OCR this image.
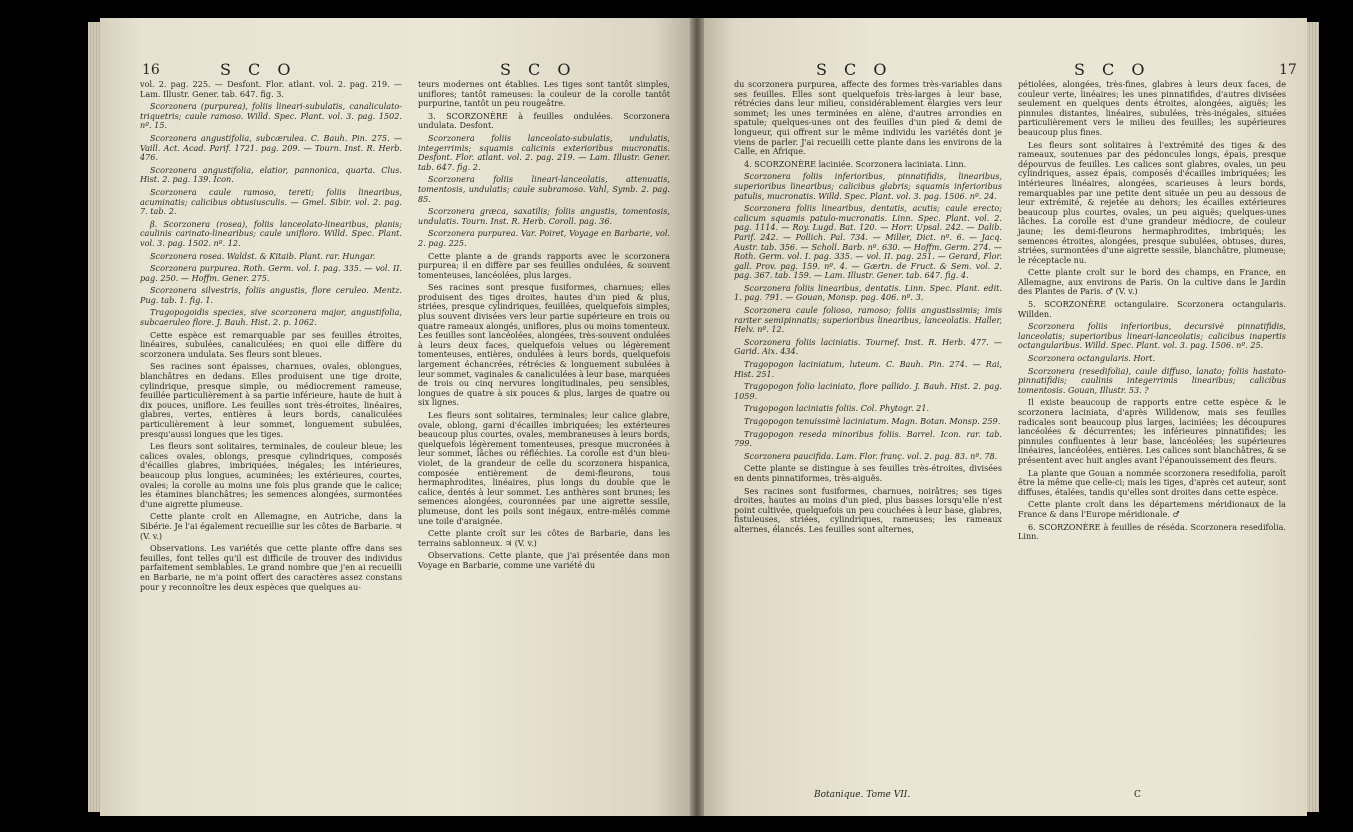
16	S C O	S C O

vol. 2. pag. 225. — Desfont. Flor. atlant. vol. 2. pag. 219. — Lam. Illustr. Gener. tab. 647. fig. 3.

Scorzonera (purpurea), foliis lineari-subulatis, canaliculato-triquetris; caule ramoso. Willd. Spec. Plant. vol. 3. pag. 1502. nº. 15.

Scorzonera angustifolia, subcærulea. C. Bauh. Pin. 275. — Vaill. Act. Acad. Parif. 1721. pag. 209. — Tourn. Inst. R. Herb. 476.

Scorzonera angustifolia, elatior, pannonica, quarta. Clus. Hist. 2. pag. 139. Icon.

Scorzonera caule ramoso, tereti; foliis linearibus, acuminatis; calicibus obtusiusculis. — Gmel. Sibir. vol. 2. pag. 7. tab. 2.

β. Scorzonera (rosea), foliis lanceolato-linearibus, planis; caulinis carinato-linearibus; caule unifloro. Willd. Spec. Plant. vol. 3. pag. 1502. nº. 12.

Scorzonera rosea. Waldst. & Kitaib. Plant. rar. Hungar.

Scorzonera purpurea. Roth. Germ. vol. I. pag. 335. — vol. II. pag. 250. — Hoffm. Gener. 275.

Scorzonera silvestris, foliis angustis, flore ceruleo. Mentz. Pug. tab. 1. fig. 1.

Tragopogoidis species, sive scorzonera major, angustifolia, subcaeruleo flore. J. Bauh. Hist. 2. p. 1062.

Cette espèce est remarquable par ses feuilles étroites, linéaires, subulées, canaliculées; en quoi elle diffère du scorzonera undulata. Ses fleurs sont bleues.

Ses racines sont épaisses, charnues, ovales, oblongues, blanchâtres en dedans. Elles produisent une tige droite, cylindrique, presque simple, ou médiocrement rameuse, feuillée particulièrement à sa partie inférieure, haute de huit à dix pouces, uniflore. Les feuilles sont très-étroites, linéaires, glabres, vertes, entières à leurs bords, canaliculées particulièrement à leur sommet, longuement subulées, presqu'aussi longues que les tiges.

Les fleurs sont solitaires, terminales, de couleur bleue; les calices ovales, oblongs, presque cylindriques, composés d'écailles glabres, imbriquées, inégales; les intérieures, beaucoup plus longues, acuminées; les extérieures, courtes, ovales; la corolle au moins une fois plus grande que le calice; les étamines blanchâtres; les semences alongées, surmontées d'une aigrette plumeuse.

Cette plante croît en Allemagne, en Autriche, dans la Sibérie. Je l'ai également recueillie sur les côtes de Barbarie. ♃ (V. v.)

Observations. Les variétés que cette plante offre dans ses feuilles, font telles qu'il est difficile de trouver des individus parfaitement semblables. Le grand nombre que j'en ai recueilli en Barbarie, ne m'a point offert des caractères assez constans pour y reconnoître les deux espèces que quelques au-

teurs modernes ont établies. Les tiges sont tantôt simples, uniflores; tantôt rameuses: la couleur de la corolle tantôt purpurine, tantôt un peu rougeâtre.

3. SCORZONÈRE à feuilles ondulées. Scorzonera undulata. Desfont.

Scorzonera foliis lanceolato-subulatis, undulatis, integerrimis; squamis calicinis exterioribus mucronatis. Desfont. Flor. atlant. vol. 2. pag. 219. — Lam. Illustr. Gener. tab. 647. fig. 2.

Scorzonera foliis lineari-lanceolatis, attenuatis, tomentosis, undulatis; caule subramoso. Vahl, Symb. 2. pag. 85.

Scorzonera græca, saxatilis; foliis angustis, tomentosis, undulatis. Tourn. Inst. R. Herb. Coroll. pag. 36.

Scorzonera purpurea. Var. Poiret, Voyage en Barbarie, vol. 2. pag. 225.

Cette plante a de grands rapports avec le scorzonera purpurea; il en diffère par ses feuilles ondulées, & souvent tomenteuses, lancéolées, plus larges.

Ses racines sont presque fusiformes, charnues; elles produisent des tiges droites, hautes d'un pied & plus, striées, presque cylindriques, feuillées, quelquefois simples, plus souvent divisées vers leur partie supérieure en trois ou quatre rameaux alongés, uniflores, plus ou moins tomenteux. Les feuilles sont lancéolées, alongées, très-souvent ondulées à leurs deux faces, quelquefois velues ou légèrement tomenteuses, entières, ondulées à leurs bords, quelquefois largement échancrées, rétrécies & longuement subulées à leur sommet, vaginales & canaliculées à leur base, marquées de trois ou cinq nervures longitudinales, peu sensibles, longues de quatre à six pouces & plus, larges de quatre ou six lignes.

Les fleurs sont solitaires, terminales; leur calice glabre, ovale, oblong, garni d'écailles imbriquées; les extérieures beaucoup plus courtes, ovales, membraneuses à leurs bords, quelquefois légèrement tomenteuses, presque mucronées à leur sommet, lâches ou réfléchies. La corolle est d'un bleu-violet, de la grandeur de celle du scorzonera hispanica, composée entièrement de demi-fleurons, tous hermaphrodites, linéaires, plus longs du double que le calice, dentés à leur sommet. Les anthères sont brunes; les semences alongées, couronnées par une aigrette sessile, plumeuse, dont les poils sont inégaux, entre-mêlés comme une toile d'araignée.

Cette plante croît sur les côtes de Barbarie, dans les terrains sablonneux. ♃ (V. v.)

Observations. Cette plante, que j'ai présentée dans mon Voyage en Barbarie, comme une variété du

S C O	S C O	17

du scorzonera purpurea, affecte des formes très-variables dans ses feuilles. Elles sont quelquefois très-larges à leur base, rétrécies dans leur milieu, considérablement élargies vers leur sommet; les unes terminées en alène, d'autres arrondies en spatule; quelques-unes ont des feuilles d'un pied & demi de longueur, qui offrent sur le même individu les variétés dont je viens de parler. J'ai recueilli cette plante dans les environs de la Calle, en Afrique.

4. SCORZONÈRE laciniée. Scorzonera laciniata. Linn.

Scorzonera foliis inferioribus, pinnatifidis, linearibus, superioribus linearibus; calicibus glabris; squamis inferioribus patulis, mucronatis. Willd. Spec. Plant. vol. 3. pag. 1506. nº. 24.

Scorzonera foliis linearibus, dentatis, acutis; caule erecto; calicum squamis patulo-mucronatis. Linn. Spec. Plant. vol. 2. pag. 1114. — Roy. Lugd. Bat. 120. — Horr. Upsal. 242. — Dalib. Parif. 242. — Pollich. Pal. 734. — Miller, Dict. nº. 6. — Jacq. Austr. tab. 356. — Scholl. Barb. nº. 630. — Hoffm. Germ. 274. — Roth. Germ. vol. I. pag. 335. — vol. II. pag. 251. — Gerard, Flor. gall. Prov. pag. 159. nº. 4. — Gærtn. de Fruct. & Sem. vol. 2. pag. 367. tab. 159. — Lam. Illustr. Gener. tab. 647. fig. 4.

Scorzonera foliis linearibus, dentatis. Linn. Spec. Plant. edit. 1. pag. 791. — Gouan, Monsp. pag. 406. nº. 3.

Scorzonera caule folioso, ramoso; foliis angustissimis; imis rariter semipinnatis; superioribus linearibus, lanceolatis. Haller, Helv. nº. 12.

Scorzonera foliis laciniatis. Tournef. Inst. R. Herb. 477. — Garid. Aix. 434.

Tragopogon laciniatum, luteum. C. Bauh. Pin. 274. — Rai, Hist. 251.

Tragopogon folio laciniato, flore pallido. J. Bauh. Hist. 2. pag. 1059.

Tragopogon laciniatis foliis. Col. Phytogr. 21.

Tragopogon tenuissimè laciniatum. Magn. Botan. Monsp. 259.

Tragopogon reseda minoribus foliis. Barrel. Icon. rar. tab. 799.

Scorzonera paucifida. Lam. Flor. franç. vol. 2. pag. 83. nº. 78.

Cette plante se distingue à ses feuilles très-étroites, divisées en dents pinnatiformes, très-aiguës.

Ses racines sont fusiformes, charnues, noirâtres; ses tiges droites, hautes au moins d'un pied, plus basses lorsqu'elle n'est point cultivée, quelquefois un peu couchées à leur base, glabres, fistuleuses, striées, cylindriques, rameuses; les rameaux alternes, élancés. Les feuilles sont alternes,

pétiolées, alongées, très-fines, glabres à leurs deux faces, de couleur verte, linéaires; les unes pinnatifides, d'autres divisées seulement en quelques dents étroites, alongées, aiguës; les pinnules distantes, linéaires, subulées, très-inégales, situées particulièrement vers le milieu des feuilles; les supérieures beaucoup plus fines.

Les fleurs sont solitaires à l'extrémité des tiges & des rameaux, soutenues par des pédoncules longs, épais, presque dépourvus de feuilles. Les calices sont glabres, ovales, un peu cylindriques, assez épais, composés d'écailles imbriquées; les intérieures linéaires, alongées, scarieuses à leurs bords, remarquables par une petite dent située un peu au dessous de leur extrémité, & rejetée au dehors; les écailles extérieures beaucoup plus courtes, ovales, un peu aiguës; quelques-unes lâches. La corolle est d'une grandeur médiocre, de couleur jaune; les demi-fleurons hermaphrodites, imbriqués; les semences étroites, alongées, presque subulées, obtuses, dures, striées, surmontées d'une aigrette sessile, blanchâtre, plumeuse; le réceptacle nu.

Cette plante croît sur le bord des champs, en France, en Allemagne, aux environs de Paris. On la cultive dans le Jardin des Plantes de Paris. ♂ (V. v.)

5. SCORZONÈRE octangulaire. Scorzonera octangularis. Willden.

Scorzonera foliis inferioribus, decursivè pinnatifidis, lanceolatis; superioribus lineari-lanceolatis; calicibus inapertis octangularibus. Willd. Spec. Plant. vol. 3. pag. 1506. nº. 25.

Scorzonera octangularis. Hort.

Scorzonera (resedifolia), caule diffuso, lanato; foliis hastato-pinnatifidis; caulinis integerrimis linearibus; calicibus tomentosis. Gouan, Illustr. 53. ?

Il existe beaucoup de rapports entre cette espèce & le scorzonera laciniata, d'après Willdenow, mais ses feuilles radicales sont beaucoup plus larges, laciniées; les découpures lancéolées & décurrentes; les inférieures pinnatifides; les pinnules confluentes à leur base, lancéolées; les supérieures linéaires, lancéolées, entières. Les calices sont blanchâtres, & se présentent avec huit angles avant l'épanouissement des fleurs.

La plante que Gouan a nommée scorzonera resedifolia, paroît être la même que celle-ci; mais les tiges, d'après cet auteur, sont diffuses, étalées, tandis qu'elles sont droites dans cette espèce.

Cette plante croît dans les départemens méridionaux de la France & dans l'Europe méridionale. ♂

6. SCORZONÈRE à feuilles de réséda. Scorzonera resedifolia. Linn.

Botanique. Tome VII.	C
